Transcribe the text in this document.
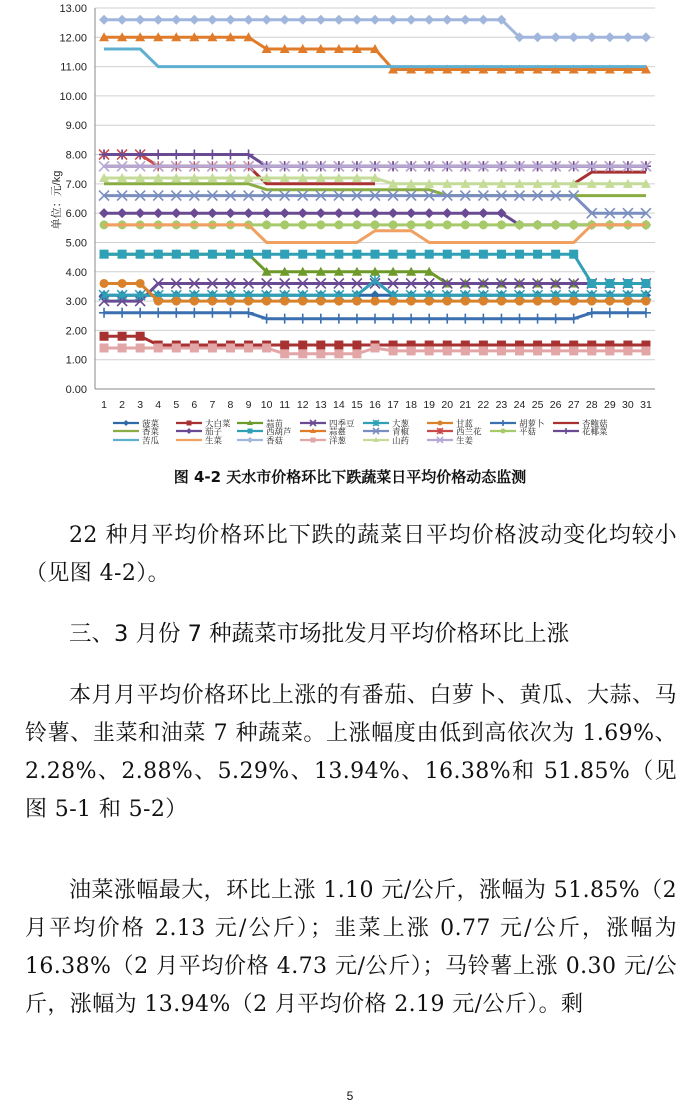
0.00
1.00
2.00
3.00
4.00
5.00
6.00
7.00
8.00
9.00
10.00
11.00
12.00
13.00
1 2 3 4 5 6 7 8 9 10 11 12 13 14 15 16 17 18 19 20 21 22 23 24 25 26 27 28 29 30 31
单位：元/kg
菠菜	大白菜	蒜苗	四季豆	大葱	甘蓝	胡萝卜	杏鲍菇
香菜	茄子	西葫芦	蒜薹	青椒	西兰花	平菇	花椰菜
苦瓜	生菜	香菇	洋葱	山药	生姜
图 4-2 天水市价格环比下跌蔬菜日平均价格动态监测

22 种月平均价格环比下跌的蔬菜日平均价格波动变化均较小（见图 4-2）。

三、3 月份 7 种蔬菜市场批发月平均价格环比上涨

本月月平均价格环比上涨的有番茄、白萝卜、黄瓜、大蒜、马铃薯、韭菜和油菜 7 种蔬菜。上涨幅度由低到高依次为 1.69%、2.28%、2.88%、5.29%、13.94%、16.38%和 51.85%（见图 5-1 和 5-2）

油菜涨幅最大，环比上涨 1.10 元/公斤，涨幅为 51.85%（2 月平均价格 2.13 元/公斤）；韭菜上涨 0.77 元/公斤，涨幅为 16.38%（2 月平均价格 4.73 元/公斤）；马铃薯上涨 0.30 元/公斤，涨幅为 13.94%（2 月平均价格 2.19 元/公斤）。剩

5
